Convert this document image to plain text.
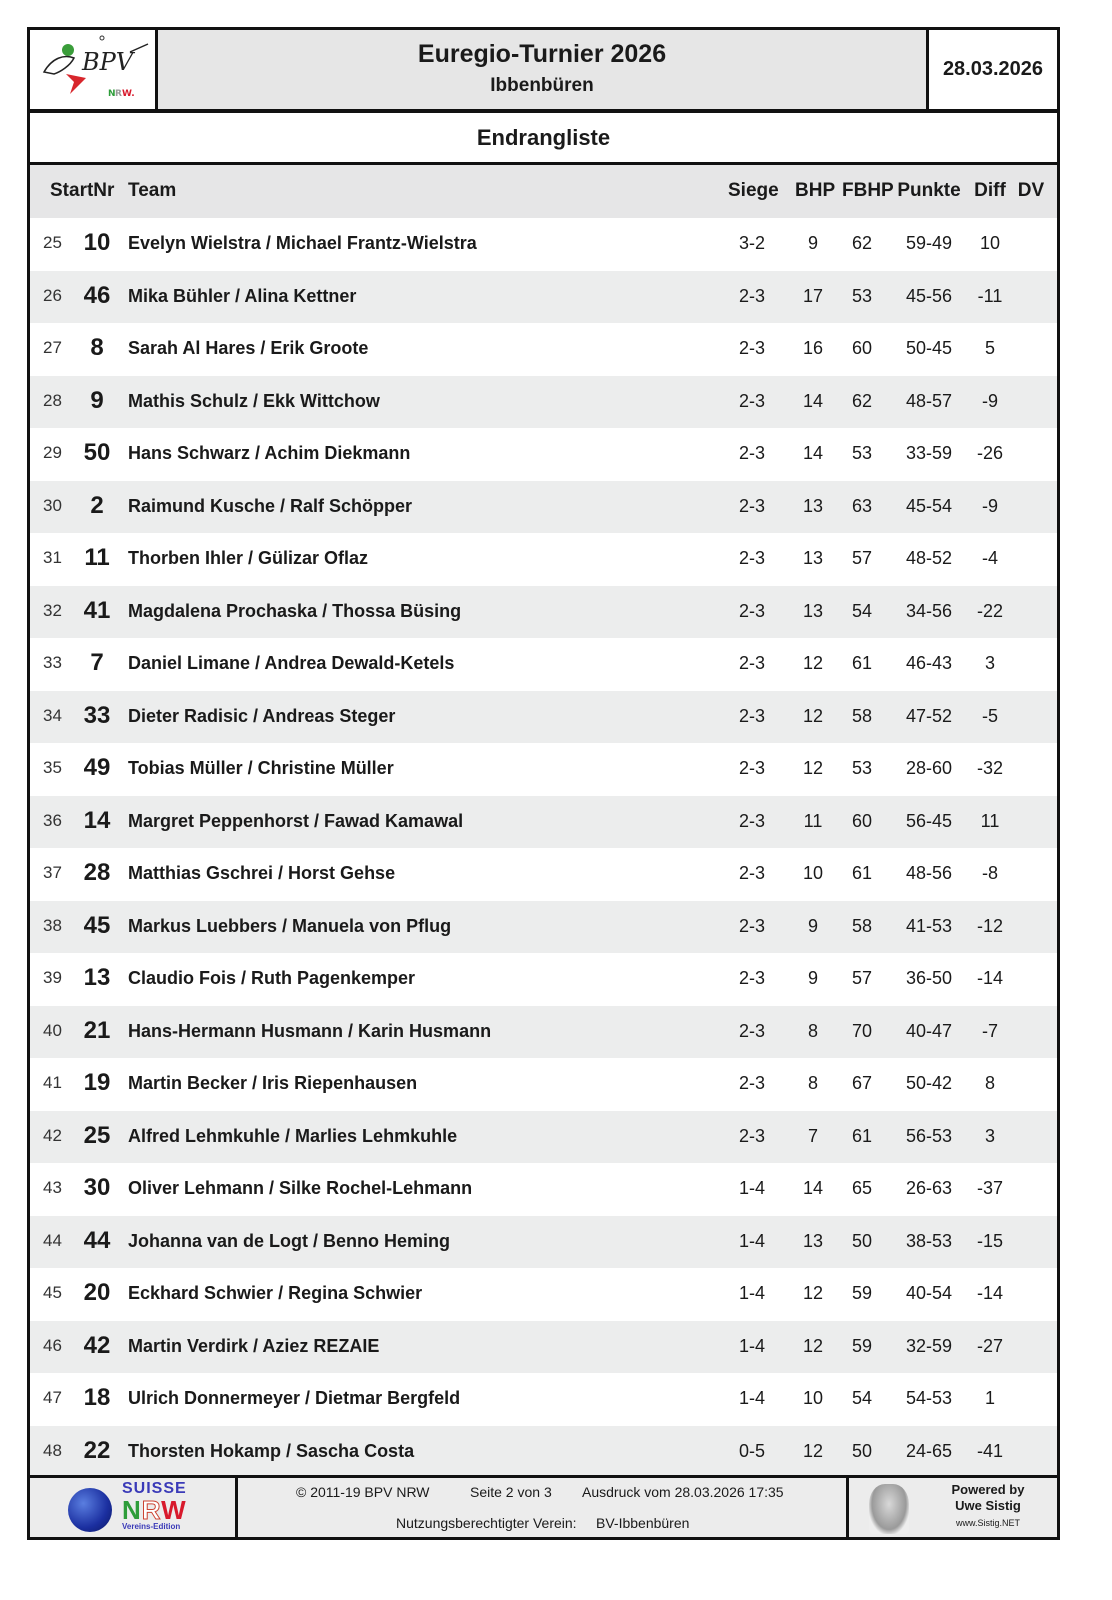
BPV
N R W.
Euregio-Turnier 2026
Ibbenbüren
28.03.2026
Endrangliste
StartNr Team	Siege BHP FBHP Punkte Diff DV
25 10 Evelyn Wielstra / Michael Frantz-Wielstra	3-2	9	62	59-49	10
26 46 Mika Bühler / Alina Kettner	2-3	17	53	45-56	-11
27	8	Sarah Al Hares / Erik Groote	2-3	16	60	50-45	5
28	9	Mathis Schulz / Ekk Wittchow	2-3	14	62	48-57	-9
29 50 Hans Schwarz / Achim Diekmann	2-3	14	53	33-59	-26
30	2	Raimund Kusche / Ralf Schöpper	2-3	13	63	45-54	-9
31 11 Thorben Ihler / Gülizar Oflaz	2-3	13	57	48-52	-4
32 41 Magdalena Prochaska / Thossa Büsing	2-3	13	54	34-56	-22
33	7	Daniel Limane / Andrea Dewald-Ketels	2-3	12	61	46-43	3
34 33 Dieter Radisic / Andreas Steger	2-3	12	58	47-52	-5
35 49 Tobias Müller / Christine Müller	2-3	12	53	28-60	-32
36 14 Margret Peppenhorst / Fawad Kamawal	2-3	11	60	56-45	11
37 28 Matthias Gschrei / Horst Gehse	2-3	10	61	48-56	-8
38 45 Markus Luebbers / Manuela von Pflug	2-3	9	58	41-53	-12
39 13 Claudio Fois / Ruth Pagenkemper	2-3	9	57	36-50	-14
40 21 Hans-Hermann Husmann / Karin Husmann	2-3	8	70	40-47	-7
41 19 Martin Becker / Iris Riepenhausen	2-3	8	67	50-42	8
42 25 Alfred Lehmkuhle / Marlies Lehmkuhle	2-3	7	61	56-53	3
43 30 Oliver Lehmann / Silke Rochel-Lehmann	1-4	14	65	26-63	-37
44 44 Johanna van de Logt / Benno Heming	1-4	13	50	38-53	-15
45 20 Eckhard Schwier / Regina Schwier	1-4	12	59	40-54	-14
46 42 Martin Verdirk / Aziez REZAIE	1-4	12	59	32-59	-27
47 18 Ulrich Donnermeyer / Dietmar Bergfeld	1-4	10	54	54-53	1
48 22 Thorsten Hokamp / Sascha Costa	0-5	12	50	24-65	-41
SUISSE
NRW
Vereins-Edition
© 2011-19 BPV NRW	Seite 2 von 3 Ausdruck vom 28.03.2026 17:35
Nutzungsberechtigter Verein: BV-Ibbenbüren
Powered by
Uwe Sistig
www.Sistig.NET
